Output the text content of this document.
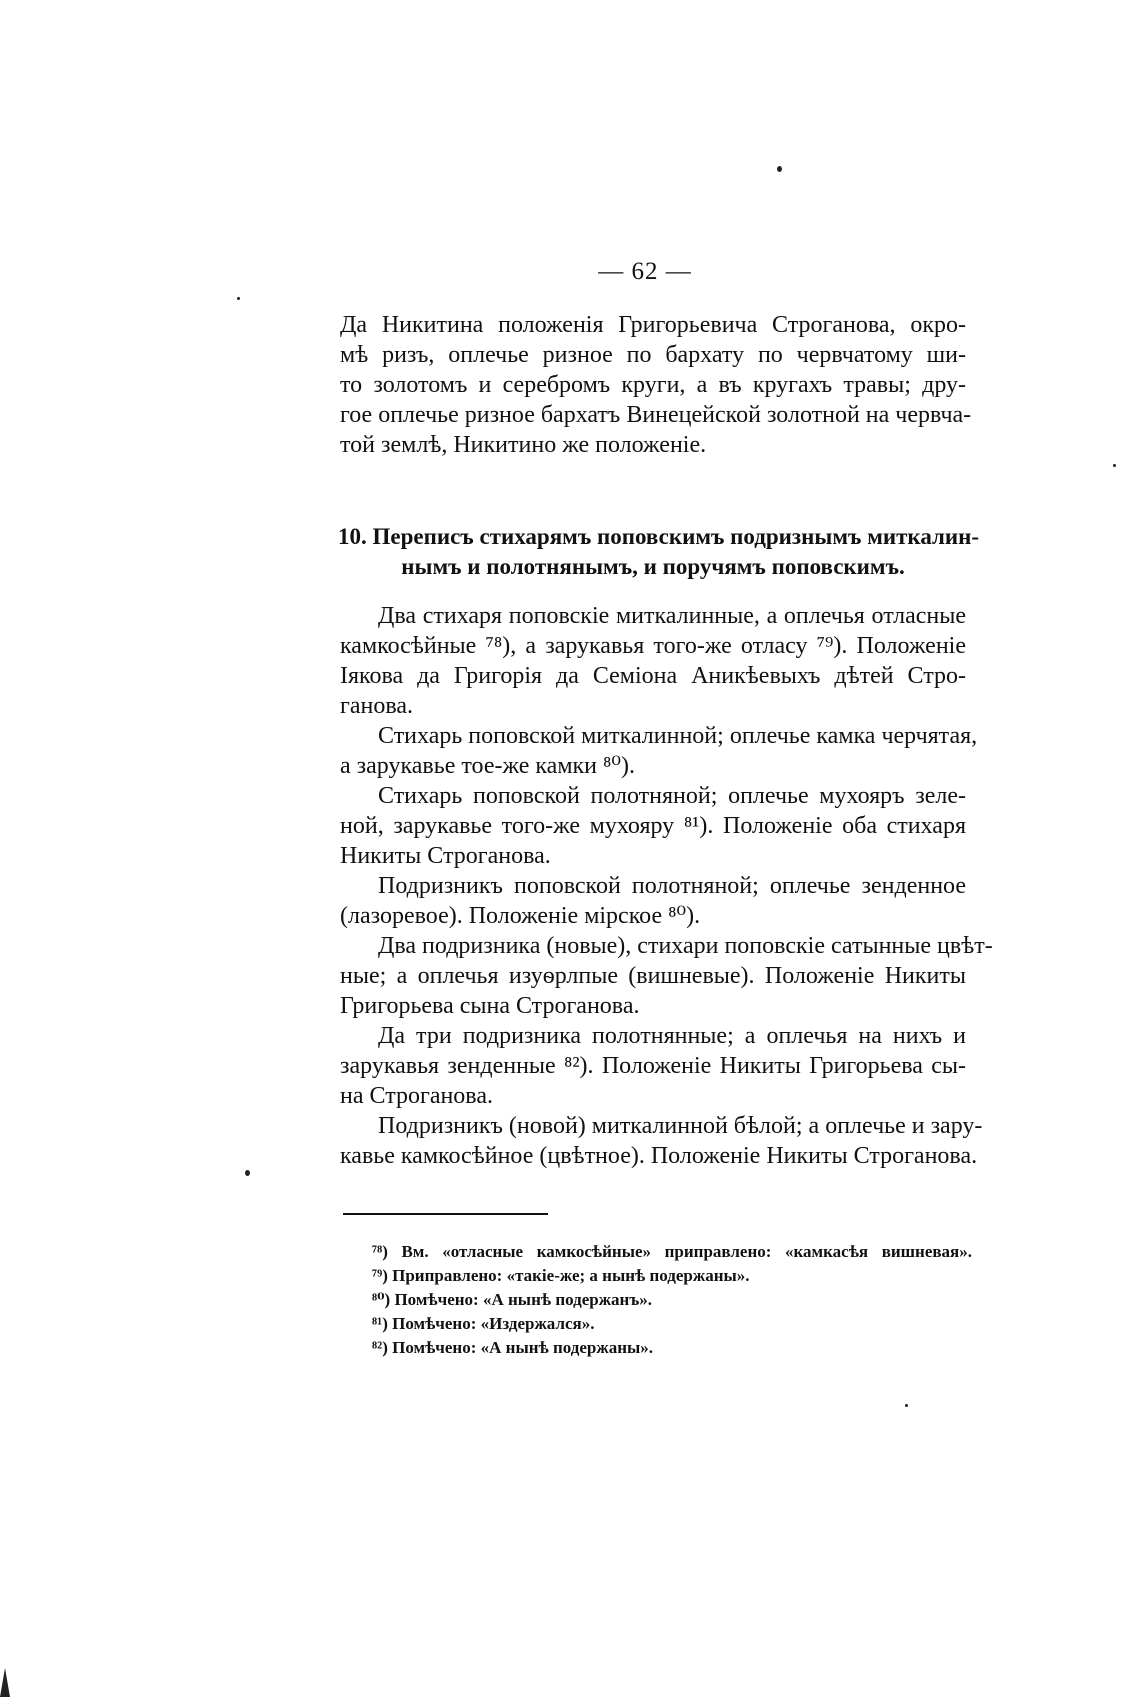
— 62 —
Да Никитина положенія Григорьевича Строганова, окро-
мѣ ризъ, оплечье ризное по бархату по червчатому ши-
то золотомъ и серебромъ круги, а въ кругахъ травы; дру-
гое оплечье ризное бархатъ Винецейской золотной на червча-
той землѣ, Никитино же положеніе.
10. Переписъ стихарямъ поповскимъ подризнымъ миткалин-
нымъ и полотнянымъ, и поручямъ поповскимъ.
Два стихаря поповскіе миткалинные, а оплечья отласные
камкосѣйные ⁷⁸), а зарукавья того-же отласу ⁷⁹). Положеніе
Іякова да Григорія да Семіона Аникѣевыхъ дѣтей Стро-
ганова.
Стихарь поповской миткалинной; оплечье камка черчятая,
а зарукавье тое-же камки ⁸⁰).
Стихарь поповской полотняной; оплечье мухояръ зеле-
ной, зарукавье того-же мухояру ⁸¹). Положеніе оба стихаря
Никиты Строганова.
Подризникъ поповской полотняной; оплечье зенденное
(лазоревое). Положеніе мірское ⁸⁰).
Два подризника (новые), стихари поповскіе сатынные цвѣт-
ные; а оплечья изуѳрлпые (вишневые). Положеніе Никиты
Григорьева сына Строганова.
Да три подризника полотнянные; а оплечья на нихъ и
зарукавья зенденные ⁸²). Положеніе Никиты Григорьева сы-
на Строганова.
Подризникъ (новой) миткалинной бѣлой; а оплечье и зару-
кавье камкосѣйное (цвѣтное). Положеніе Никиты Строганова.
⁷⁸) Вм. «отласные камкосѣйные» приправлено: «камкасѣя вишневая».
⁷⁹) Приправлено: «такіе-же; а нынѣ подержаны».
⁸⁰) Помѣчено: «А нынѣ подержанъ».
⁸¹) Помѣчено: «Издержался».
⁸²) Помѣчено: «А нынѣ подержаны».
